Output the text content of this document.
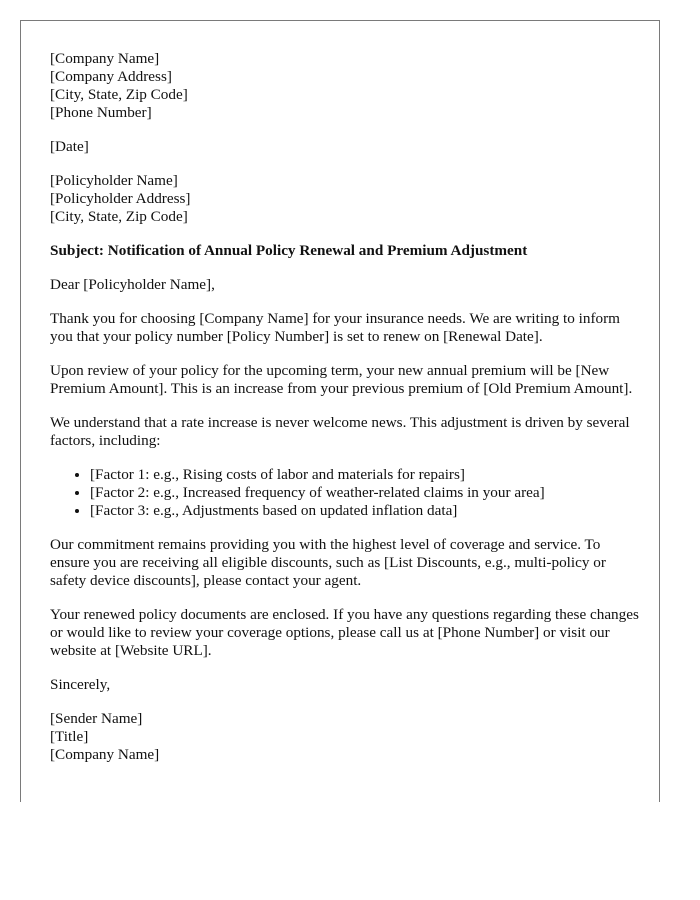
[Company Name]
[Company Address]
[City, State, Zip Code]
[Phone Number]
[Date]
[Policyholder Name]
[Policyholder Address]
[City, State, Zip Code]
Subject: Notification of Annual Policy Renewal and Premium Adjustment

Dear [Policyholder Name],

Thank you for choosing [Company Name] for your insurance needs. We are writing to inform you that your policy number [Policy Number] is set to renew on [Renewal Date].

Upon review of your policy for the upcoming term, your new annual premium will be [New Premium Amount]. This is an increase from your previous premium of [Old Premium Amount].

We understand that a rate increase is never welcome news. This adjustment is driven by several factors, including:

• [Factor 1: e.g., Rising costs of labor and materials for repairs]
• [Factor 2: e.g., Increased frequency of weather-related claims in your area]
• [Factor 3: e.g., Adjustments based on updated inflation data]

Our commitment remains providing you with the highest level of coverage and service. To ensure you are receiving all eligible discounts, such as [List Discounts, e.g., multi-policy or safety device discounts], please contact your agent.

Your renewed policy documents are enclosed. If you have any questions regarding these changes or would like to review your coverage options, please call us at [Phone Number] or visit our website at [Website URL].

Sincerely,

[Sender Name]
[Title]
[Company Name]
